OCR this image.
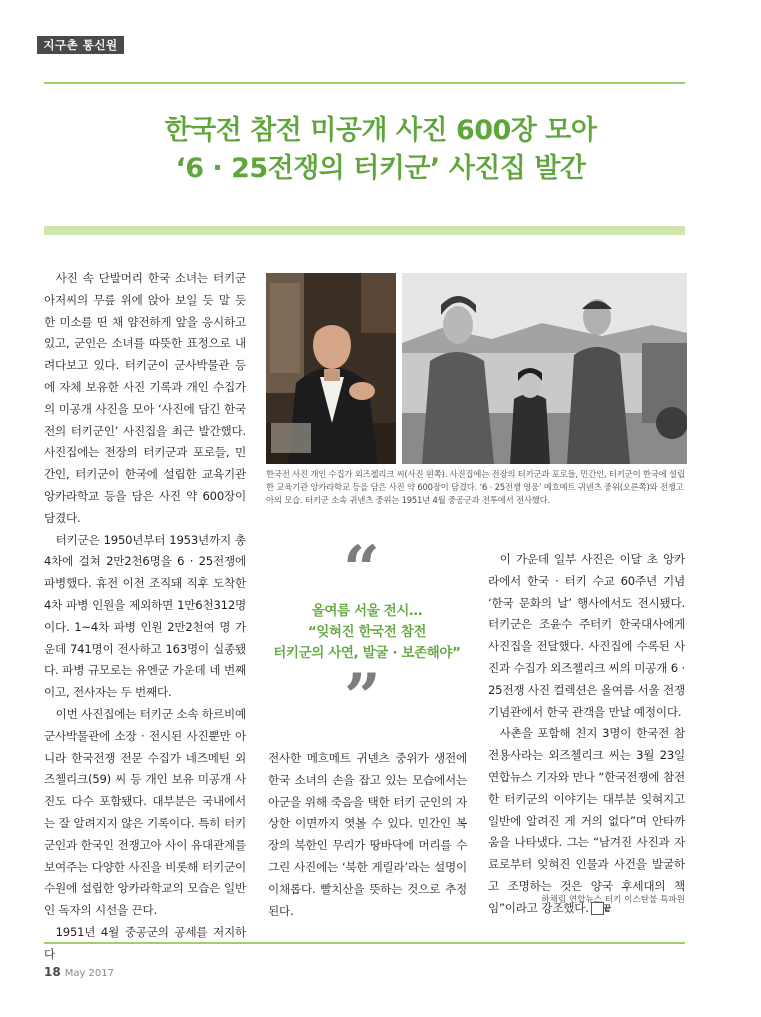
지구촌 통신원
한국전 참전 미공개 사진 600장 모아
‘6 · 25전쟁의 터키군’ 사진집 발간

사진 속 단발머리 한국 소녀는 터키군 아저씨의 무릎 위에 앉아 보일 듯 말 듯 한 미소를 띤 채 얌전하게 앞을 응시하고 있고, 군인은 소녀를 따뜻한 표정으로 내려다보고 있다. 터키군이 군사박물관 등에 자체 보유한 사진 기록과 개인 수집가의 미공개 사진을 모아 ‘사진에 담긴 한국전의 터키군인’ 사진집을 최근 발간했다. 사진집에는 전장의 터키군과 포로들, 민간인, 터키군이 한국에 설립한 교육기관 앙카라학교 등을 담은 사진 약 600장이 담겼다.

터키군은 1950년부터 1953년까지 총 4차에 걸쳐 2만2천6명을 6 · 25전쟁에 파병했다. 휴전 이전 조직돼 직후 도착한 4차 파병 인원을 제외하면 1만6천312명이다. 1~4차 파병 인원 2만2천여 명 가운데 741명이 전사하고 163명이 실종됐다. 파병 규모로는 유엔군 가운데 네 번째이고, 전사자는 두 번째다.

이번 사진집에는 터키군 소속 하르비예 군사박물관에 소장 · 전시된 사진뿐만 아니라 한국전쟁 전문 수집가 네즈메틴 외즈첼리크(59) 씨 등 개인 보유 미공개 사진도 다수 포함됐다. 대부분은 국내에서는 잘 알려지지 않은 기록이다. 특히 터키군인과 한국인 전쟁고아 사이 유대관계를 보여주는 다양한 사진을 비롯해 터키군이 수원에 설립한 앙카라학교의 모습은 일반인 독자의 시선을 끈다.

1951년 4월 중공군의 공세를 저지하다

한국전 사진 개인 수집가 외즈첼리크 씨(사진 왼쪽). 사진집에는 전장의 터키군과 포로들, 민간인, 터키군이 한국에 설립한 교육기관 앙카라학교 등을 담은 사진 약 600장이 담겼다. ‘6 · 25전쟁 영웅’ 메흐메트 귀넨츠 중위(오른쪽)와 전쟁고아의 모습. 터키군 소속 귀넨츠 중위는 1951년 4월 중공군과 전투에서 전사했다.
“
올여름 서울 전시…
“잊혀진 한국전 참전
터키군의 사연, 발굴 · 보존해야”
”

전사한 메흐메트 귀넨츠 중위가 생전에 한국 소녀의 손을 잡고 있는 모습에서는 아군을 위해 죽음을 택한 터키 군인의 자상한 이면까지 엿볼 수 있다. 민간인 복장의 북한인 무리가 땅바닥에 머리를 수그린 사진에는 ‘북한 게릴라’라는 설명이 이채롭다. 빨치산을 뜻하는 것으로 추정된다.

이 가운데 일부 사진은 이달 초 앙카라에서 한국 · 터키 수교 60주년 기념 ‘한국 문화의 날’ 행사에서도 전시됐다. 터키군은 조윤수 주터키 한국대사에게 사진집을 전달했다. 사진집에 수록된 사진과 수집가 외즈첼리크 씨의 미공개 6 · 25전쟁 사진 컬렉션은 올여름 서울 전쟁기념관에서 한국 관객을 만날 예정이다.

사촌을 포함해 친지 3명이 한국전 참전용사라는 외즈첼리크 씨는 3월 23일 연합뉴스 기자와 만나 “한국전쟁에 참전한 터키군의 이야기는 대부분 잊혀지고 일반에 알려진 게 거의 없다”며 안타까움을 나타냈다. 그는 “남겨진 사진과 자료로부터 잊혀진 인물과 사건을 발굴하고 조명하는 것은 양국 후세대의 책임”이라고 강조했다. 끝

하채림 연합뉴스 터키 이스탄불 특파원
18 May 2017
